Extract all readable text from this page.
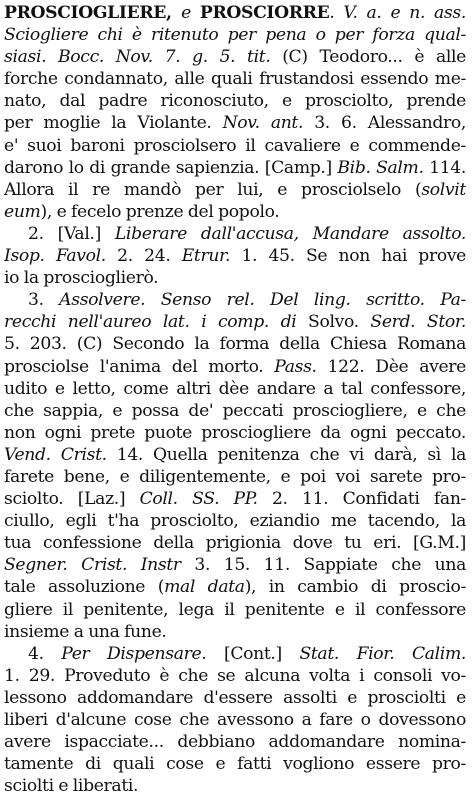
PROSCIOGLIERE, e PROSCIORRE. V. a. e n. ass.
Sciogliere chi è ritenuto per pena o per forza qual-
siasi. Bocc. Nov. 7. g. 5. tit. (C) Teodoro... è alle
forche condannato, alle quali frustandosi essendo me-
nato, dal padre riconosciuto, e prosciolto, prende
per moglie la Violante. Nov. ant. 3. 6. Alessandro,
e' suoi baroni prosciolsero il cavaliere e commende-
darono lo di grande sapienzia. [Camp.] Bib. Salm. 114.
Allora il re mandò per lui, e prosciolselo (solvit
eum), e fecelo prenze del popolo.
2. [Val.] Liberare dall'accusa, Mandare assolto.
Isop. Favol. 2. 24. Etrur. 1. 45. Se non hai prove
io la proscioglierò.
3. Assolvere. Senso rel. Del ling. scritto. Pa-
recchi nell'aureo lat. i comp. di Solvo. Serd. Stor.
5. 203. (C) Secondo la forma della Chiesa Romana
prosciolse l'anima del morto. Pass. 122. Dèe avere
udito e letto, come altri dèe andare a tal confessore,
che sappia, e possa de' peccati prosciogliere, e che
non ogni prete puote prosciogliere da ogni peccato.
Vend. Crist. 14. Quella penitenza che vi darà, sì la
farete bene, e diligentemente, e poi voi sarete pro-
sciolto. [Laz.] Coll. SS. PP. 2. 11. Confidati fan-
ciullo, egli t'ha prosciolto, eziandio me tacendo, la
tua confessione della prigionia dove tu eri. [G.M.]
Segner. Crist. Instr 3. 15. 11. Sappiate che una
tale assoluzione (mal data), in cambio di prosciо-
gliere il penitente, lega il penitente e il confessore
insieme a una fune.
4. Per Dispensare. [Cont.] Stat. Fior. Calim.
1. 29. Proveduto è che se alcuna volta i consoli vo-
lessono addomandare d'essere assolti e prosciolti e
liberi d'alcune cose che avessono a fare o dovessono
avere ispacciate... debbiano addomandare nomina-
tamente di quali cose e fatti vogliono essere pro-
sciolti e liberati.
